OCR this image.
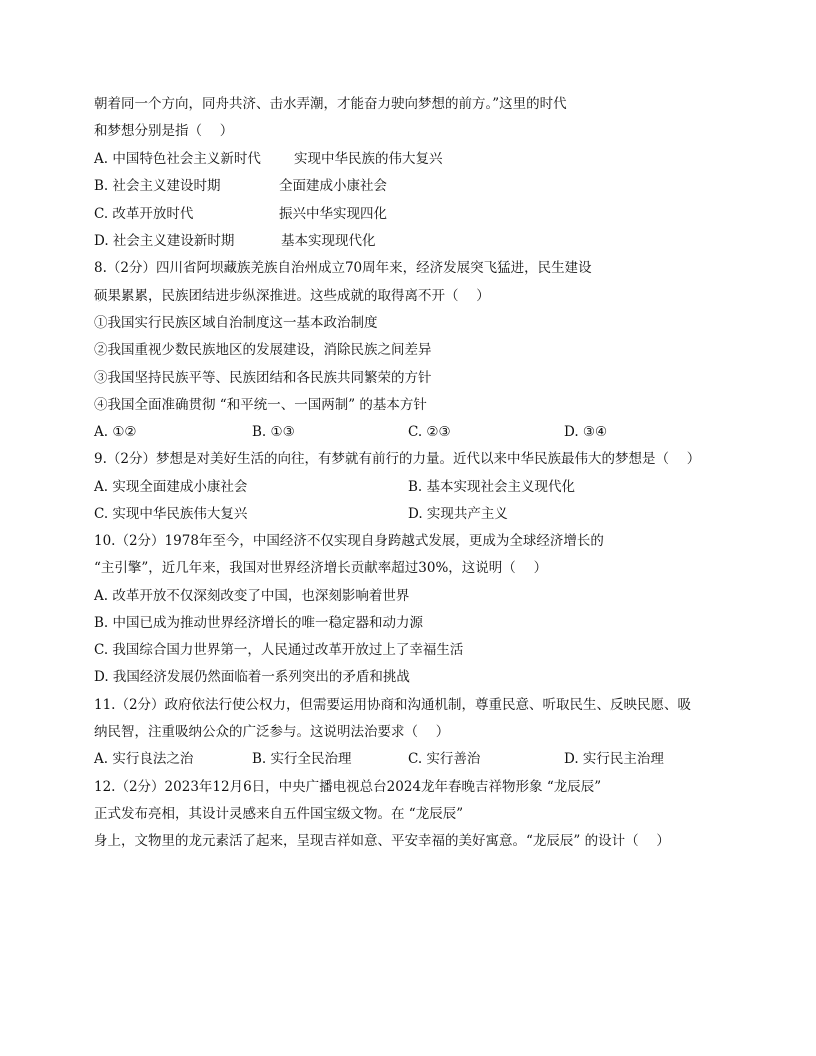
朝着同一个方向，同舟共济、击水弄潮，才能奋力驶向梦想的前方。”这里的时代
和梦想分别是指（　 ）
A. 中国特色社会主义新时代 实现中华民族的伟大复兴
B. 社会主义建设时期	全面建成小康社会
C. 改革开放时代	振兴中华实现四化
D. 社会主义建设新时期	基本实现现代化
8.（2分）四川省阿坝藏族羌族自治州成立70周年来，经济发展突飞猛进，民生建设
硕果累累，民族团结进步纵深推进。这些成就的取得离不开（　 ）
①我国实行民族区域自治制度这一基本政治制度
②我国重视少数民族地区的发展建设，消除民族之间差异
③我国坚持民族平等、民族团结和各民族共同繁荣的方针
④我国全面准确贯彻 “和平统一、一国两制” 的基本方针
A. ①②	B. ①③	C. ②③	D. ③④
9.（2分）梦想是对美好生活的向往，有梦就有前行的力量。近代以来中华民族最伟大的梦想是（　 ）
A. 实现全面建成小康社会	B. 基本实现社会主义现代化
C. 实现中华民族伟大复兴	D. 实现共产主义
10.（2分）1978年至今，中国经济不仅实现自身跨越式发展，更成为全球经济增长的
“主引擎”，近几年来，我国对世界经济增长贡献率超过30%，这说明（　 ）
A. 改革开放不仅深刻改变了中国，也深刻影响着世界
B. 中国已成为推动世界经济增长的唯一稳定器和动力源
C. 我国综合国力世界第一，人民通过改革开放过上了幸福生活
D. 我国经济发展仍然面临着一系列突出的矛盾和挑战
11.（2分）政府依法行使公权力，但需要运用协商和沟通机制，尊重民意、听取民生、反映民愿、吸
纳民智，注重吸纳公众的广泛参与。这说明法治要求（　 ）
A. 实行良法之治	B. 实行全民治理	C. 实行善治	D. 实行民主治理
12.（2分）2023年12月6日，中央广播电视总台2024龙年春晚吉祥物形象 “龙辰辰”
正式发布亮相，其设计灵感来自五件国宝级文物。在 “龙辰辰”
身上，文物里的龙元素活了起来，呈现吉祥如意、平安幸福的美好寓意。“龙辰辰” 的设计（　 ）
